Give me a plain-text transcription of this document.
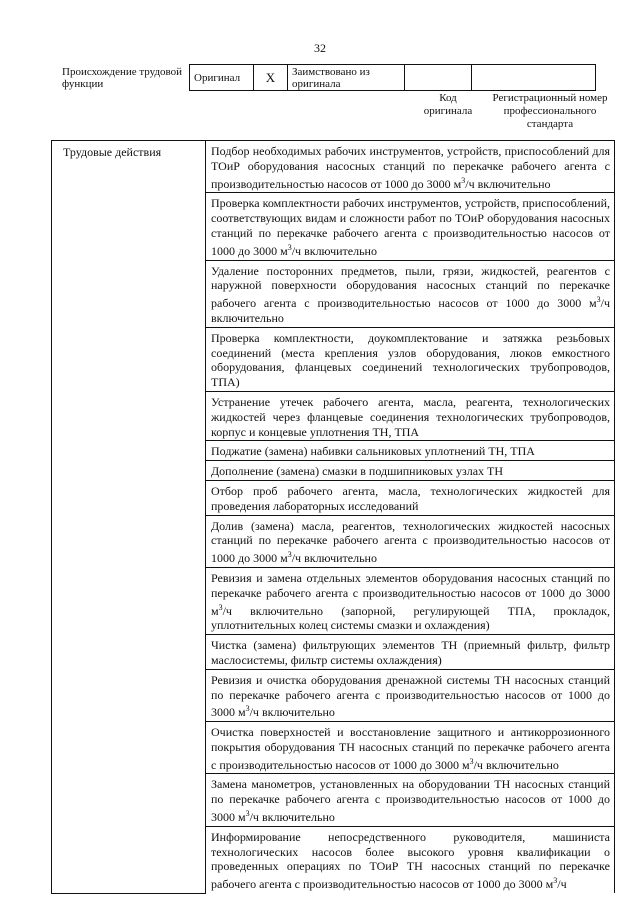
32
Происхождение трудовой функции
Оригинал	X	Заимствовано из оригинала		
Код оригинала
Регистрационный номер профессионального стандарта
Трудовые действия	Подбор необходимых рабочих инструментов, устройств, приспособлений для ТОиР оборудования насосных станций по перекачке рабочего агента с производительностью насосов от 1000 до 3000 $м^3/ч$ включительно
Проверка комплектности рабочих инструментов, устройств, приспособлений, соответствующих видам и сложности работ по ТОиР оборудования насосных станций по перекачке рабочего агента с производительностью насосов от 1000 до 3000 $м^3/ч$ включительно
Удаление посторонних предметов, пыли, грязи, жидкостей, реагентов с наружной поверхности оборудования насосных станций по перекачке рабочего агента с производительностью насосов от 1000 до 3000 $м^3/ч$ включительно
Проверка комплектности, доукомплектование и затяжка резьбовых соединений (места крепления узлов оборудования, люков емкостного оборудования, фланцевых соединений технологических трубопроводов, ТПА)
Устранение утечек рабочего агента, масла, реагента, технологических жидкостей через фланцевые соединения технологических трубопроводов, корпус и концевые уплотнения ТН, ТПА
Поджатие (замена) набивки сальниковых уплотнений ТН, ТПА
Дополнение (замена) смазки в подшипниковых узлах ТН
Отбор проб рабочего агента, масла, технологических жидкостей для проведения лабораторных исследований
Долив (замена) масла, реагентов, технологических жидкостей насосных станций по перекачке рабочего агента с производительностью насосов от 1000 до 3000 $м^3/ч$ включительно
Ревизия и замена отдельных элементов оборудования насосных станций по перекачке рабочего агента с производительностью насосов от 1000 до 3000 $м^3/ч$ включительно (запорной, регулирующей ТПА, прокладок, уплотнительных колец системы смазки и охлаждения)
Чистка (замена) фильтрующих элементов ТН (приемный фильтр, фильтр маслосистемы, фильтр системы охлаждения)
Ревизия и очистка оборудования дренажной системы ТН насосных станций по перекачке рабочего агента с производительностью насосов от 1000 до 3000 $м^3/ч$ включительно
Очистка поверхностей и восстановление защитного и антикоррозионного покрытия оборудования ТН насосных станций по перекачке рабочего агента с производительностью насосов от 1000 до 3000 $м^3/ч$ включительно
Замена манометров, установленных на оборудовании ТН насосных станций по перекачке рабочего агента с производительностью насосов от 1000 до 3000 $м^3/ч$ включительно
Информирование непосредственного руководителя, машиниста технологических насосов более высокого уровня квалификации о проведенных операциях по ТОиР ТН насосных станций по перекачке рабочего агента с производительностью насосов от 1000 до 3000 $м^3/ч$
